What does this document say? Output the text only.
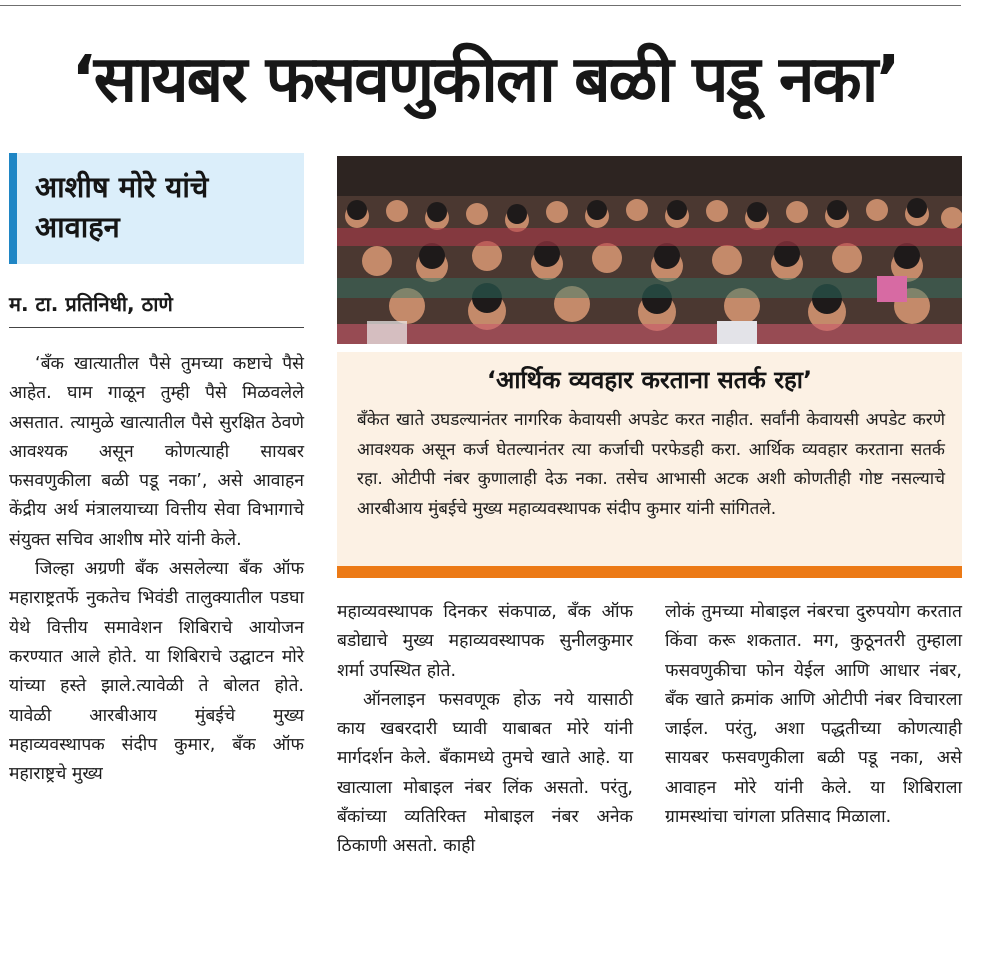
‘सायबर फसवणुकीला बळी पडू नका’
आशीष मोरे यांचे आवाहन
म. टा. प्रतिनिधी, ठाणे

‘बँक खात्यातील पैसे तुमच्या कष्टाचे पैसे आहेत. घाम गाळून तुम्ही पैसे मिळवलेले असतात. त्यामुळे खात्यातील पैसे सुरक्षित ठेवणे आवश्यक असून कोणत्याही सायबर फसवणुकीला बळी पडू नका’, असे आवाहन केंद्रीय अर्थ मंत्रालयाच्या वित्तीय सेवा विभागाचे संयुक्त सचिव आशीष मोरे यांनी केले.

जिल्हा अग्रणी बँक असलेल्या बँक ऑफ महाराष्ट्रतर्फे नुकतेच भिवंडी तालुक्यातील पडघा येथे वित्तीय समावेशन शिबिराचे आयोजन करण्यात आले होते. या शिबिराचे उद्घाटन मोरे यांच्या हस्ते झाले.त्यावेळी ते बोलत होते. यावेळी आरबीआय मुंबईचे मुख्य महाव्यवस्थापक संदीप कुमार, बँक ऑफ महाराष्ट्रचे मुख्य

‘आर्थिक व्यवहार करताना सतर्क रहा’
बँकेत खाते उघडल्यानंतर नागरिक केवायसी अपडेट करत नाहीत. सर्वांनी केवायसी अपडेट करणे आवश्यक असून कर्ज घेतल्यानंतर त्या कर्जाची परफेडही करा. आर्थिक व्यवहार करताना सतर्क रहा. ओटीपी नंबर कुणालाही देऊ नका. तसेच आभासी अटक अशी कोणतीही गोष्ट नसल्याचे आरबीआय मुंबईचे मुख्य महाव्यवस्थापक संदीप कुमार यांनी सांगितले.

महाव्यवस्थापक दिनकर संकपाळ, बँक ऑफ बडोद्याचे मुख्य महाव्यवस्थापक सुनीलकुमार शर्मा उपस्थित होते.

ऑनलाइन फसवणूक होऊ नये यासाठी काय खबरदारी घ्यावी याबाबत मोरे यांनी मार्गदर्शन केले. बँकामध्ये तुमचे खाते आहे. या खात्याला मोबाइल नंबर लिंक असतो. परंतु, बँकांच्या व्यतिरिक्त मोबाइल नंबर अनेक ठिकाणी असतो. काही

लोकं तुमच्या मोबाइल नंबरचा दुरुपयोग करतात किंवा करू शकतात. मग, कुठूनतरी तुम्हाला फसवणुकीचा फोन येईल आणि आधार नंबर, बँक खाते क्रमांक आणि ओटीपी नंबर विचारला जाईल. परंतु, अशा पद्धतीच्या कोणत्याही सायबर फसवणुकीला बळी पडू नका, असे आवाहन मोरे यांनी केले. या शिबिराला ग्रामस्थांचा चांगला प्रतिसाद मिळाला.
